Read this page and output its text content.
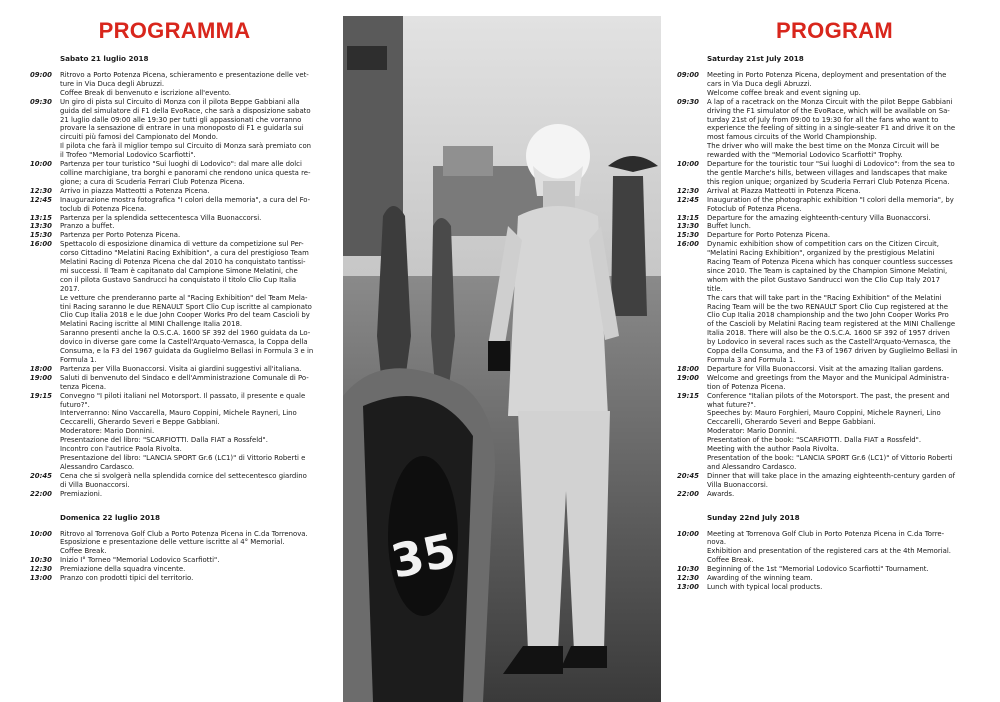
PROGRAMMA
Sabato 21 luglio 2018
09:00	Ritrovo a Porto Potenza Picena, schieramento e presentazione delle vet-
ture in Via Duca degli Abruzzi.
Coffee Break di benvenuto e iscrizione all'evento.
09:30	Un giro di pista sul Circuito di Monza con il pilota Beppe Gabbiani alla
guida del simulatore di F1 della EvoRace, che sarà a disposizione sabato
21 luglio dalle 09:00 alle 19:30 per tutti gli appassionati che vorranno
provare la sensazione di entrare in una monoposto di F1 e guidarla sui
circuiti più famosi del Campionato del Mondo.
Il pilota che farà il miglior tempo sul Circuito di Monza sarà premiato con
il Trofeo "Memorial Lodovico Scarfiotti".
10:00	Partenza per tour turistico "Sui luoghi di Lodovico": dal mare alle dolci
colline marchigiane, tra borghi e panorami che rendono unica questa re-
gione; a cura di Scuderia Ferrari Club Potenza Picena.
12:30	Arrivo in piazza Matteotti a Potenza Picena.
12:45	Inaugurazione mostra fotografica "I colori della memoria", a cura del Fo-
toclub di Potenza Picena.
13:15	Partenza per la splendida settecentesca Villa Buonaccorsi.
13:30	Pranzo a buffet.
15:30	Partenza per Porto Potenza Picena.
16:00	Spettacolo di esposizione dinamica di vetture da competizione sul Per-
corso Cittadino "Melatini Racing Exhibition", a cura del prestigioso Team
Melatini Racing di Potenza Picena che dal 2010 ha conquistato tantissi-
mi successi. Il Team è capitanato dal Campione Simone Melatini, che
con il pilota Gustavo Sandrucci ha conquistato il titolo Clio Cup Italia
2017.
Le vetture che prenderanno parte al "Racing Exhibition" del Team Mela-
tini Racing saranno le due RENAULT Sport Clio Cup iscritte al campionato
Clio Cup Italia 2018 e le due John Cooper Works Pro del team Cascioli by
Melatini Racing iscritte al MINI Challenge Italia 2018.
Saranno presenti anche la O.S.C.A. 1600 SF 392 del 1960 guidata da Lo-
dovico in diverse gare come la Castell'Arquato-Vernasca, la Coppa della
Consuma, e la F3 del 1967 guidata da Guglielmo Bellasi in Formula 3 e in
Formula 1.
18:00	Partenza per Villa Buonaccorsi. Visita ai giardini suggestivi all'italiana.
19:00	Saluti di benvenuto del Sindaco e dell'Amministrazione Comunale di Po-
tenza Picena.
19:15	Convegno "I piloti italiani nel Motorsport. Il passato, il presente e quale
futuro?".
Interverranno: Nino Vaccarella, Mauro Coppini, Michele Rayneri, Lino
Ceccarelli, Gherardo Severi e Beppe Gabbiani.
Moderatore: Mario Donnini.
Presentazione del libro: "SCARFIOTTI. Dalla FIAT a Rossfeld".
Incontro con l'autrice Paola Rivolta.
Presentazione del libro: "LANCIA SPORT Gr.6 (LC1)" di Vittorio Roberti e
Alessandro Cardasco.
20:45	Cena che si svolgerà nella splendida cornice del settecentesco giardino
di Villa Buonaccorsi.
22:00	Premiazioni.
Domenica 22 luglio 2018
10:00	Ritrovo al Torrenova Golf Club a Porto Potenza Picena in C.da Torrenova.
Esposizione e presentazione delle vetture iscritte al 4° Memorial.
Coffee Break.
10:30	Inizio I° Torneo "Memorial Lodovico Scarfiotti".
12:30	Premiazione della squadra vincente.
13:00	Pranzo con prodotti tipici del territorio.	35
PROGRAM
Saturday 21st July 2018
09:00	Meeting in Porto Potenza Picena, deployment and presentation of the
cars in Via Duca degli Abruzzi.
Welcome coffee break and event signing up.
09:30	A lap of a racetrack on the Monza Circuit with the pilot Beppe Gabbiani
driving the F1 simulator of the EvoRace, which will be available on Sa-
turday 21st of July from 09:00 to 19:30 for all the fans who want to
experience the feeling of sitting in a single-seater F1 and drive it on the
most famous circuits of the World Championship.
The driver who will make the best time on the Monza Circuit will be
rewarded with the "Memorial Lodovico Scarfiotti" Trophy.
10:00	Departure for the touristic tour "Sui luoghi di Lodovico": from the sea to
the gentle Marche's hills, between villages and landscapes that make
this region unique; organized by Scuderia Ferrari Club Potenza Picena.
12:30	Arrival at Piazza Matteotti in Potenza Picena.
12:45	Inauguration of the photographic exhibition "I colori della memoria", by
Fotoclub of Potenza Picena.
13:15	Departure for the amazing eighteenth-century Villa Buonaccorsi.
13:30	Buffet lunch.
15:30	Departure for Porto Potenza Picena.
16:00	Dynamic exhibition show of competition cars on the Citizen Circuit,
"Melatini Racing Exhibition", organized by the prestigious Melatini
Racing Team of Potenza Picena which has conquer countless successes
since 2010. The Team is captained by the Champion Simone Melatini,
whom with the pilot Gustavo Sandrucci won the Clio Cup Italy 2017
title.
The cars that will take part in the "Racing Exhibition" of the Melatini
Racing Team will be the two RENAULT Sport Clio Cup registered at the
Clio Cup Italia 2018 championship and the two John Cooper Works Pro
of the Cascioli by Melatini Racing team registered at the MINI Challenge
Italia 2018. There will also be the O.S.C.A. 1600 SF 392 of 1957 driven
by Lodovico in several races such as the Castell'Arquato-Vernasca, the
Coppa della Consuma, and the F3 of 1967 driven by Guglielmo Bellasi in
Formula 3 and Formula 1.
18:00	Departure for Villa Buonaccorsi. Visit at the amazing Italian gardens.
19:00	Welcome and greetings from the Mayor and the Municipal Administra-
tion of Potenza Picena.
19:15	Conference "Italian pilots of the Motorsport. The past, the present and
what future?".
Speeches by: Mauro Forghieri, Mauro Coppini, Michele Rayneri, Lino
Ceccarelli, Gherardo Severi and Beppe Gabbiani.
Moderator: Mario Donnini.
Presentation of the book: "SCARFIOTTI. Dalla FIAT a Rossfeld".
Meeting with the author Paola Rivolta.
Presentation of the book: "LANCIA SPORT Gr.6 (LC1)" of Vittorio Roberti
and Alessandro Cardasco.
20:45	Dinner that will take place in the amazing eighteenth-century garden of
Villa Buonaccorsi.
22:00	Awards.
Sunday 22nd July 2018
10:00	Meeting at Torrenova Golf Club in Porto Potenza Picena in C.da Torre-
nova.
Exhibition and presentation of the registered cars at the 4th Memorial.
Coffee Break.
10:30	Beginning of the 1st "Memorial Lodovico Scarfiotti" Tournament.
12:30	Awarding of the winning team.
13:00	Lunch with typical local products.
